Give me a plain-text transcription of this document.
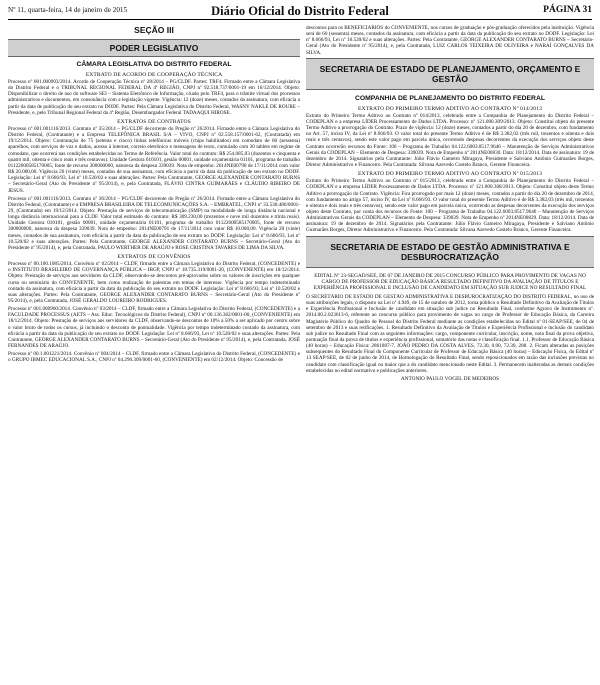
Nº 11, quarta-feira, 14 de janeiro de 2015	Diário Oficial do Distrito Federal	PÁGINA 31

SEÇÃO III

PODER LEGISLATIVO
CÂMARA LEGISLATIVA DO DISTRITO FEDERAL
EXTRATO DE ACORDO DE COOPERAÇÃO TÉCNICA

Processo nº 001.000903/2014. Acordo de Cooperação Técnica nº 28/2014 – PG/CLDF. Partes: TRF4. Firmado entre a Câmara Legislativa do Distrito Federal e o TRIBUNAL REGIONAL FEDERAL DA 4ª REGIÃO, CNPJ nº 92.518.737/0001-19 em 16/12/2014. Objeto: Disponibilizar o direito de uso do software SEI – Sistema Eletrônico de Informação, criado pelo TRF4, para o trâmite virtual dos processos administrativos e documentos, em consonância com a legislação vigente. Vigência: 12 (doze) meses, contados da assinatura, com eficácia a partir da data de publicação do seu extrato no DODF. Partes: Pela Câmara Legislativa do Distrito Federal, WASNY NAKLE DE ROURE – Presidente, e, pelo Tribunal Regional Federal da 4ª Região, Desembargador Federal TADAAQUI HIROSE.

EXTRATOS DE CONTRATOS

Processo nº 001.001116/2013. Contrato nº 35/2014 – PG/CLDF decorrente do Pregão nº 26/2014. Firmado entre a Câmara Legislativa do Distrito Federal, (Contratante) e a Empresa TELEFÔNICA BRASIL S/A – VIVO, CNPJ nº 02.558.157/0001-62, (Contratada) em 19/12/2014. Objeto: Contratação de 75 (setenta e cinco) linhas telefônicas móveis (chips habilitados) em comodato de 60 (sessenta) aparelhos, com serviços de voz e dados, acesso à internet, correio eletrônico e mensagens de texto, cumulado com 30 tablets em regime de comodato, que ocorrerá nas condições estabelecidas no Termo de Referência. Valor total do contrato: R$ 254.085,03 (duzentos e cinquenta e quatro mil, oitenta e cinco reais e três centavos). Unidade Gestora 010101, gestão 00001, unidade orçamentária 01101, programa de trabalho 01122600585170005, fonte de recurso 300000000, natureza da despesa 339039. Nota de empenho: 2014NE00790 de 17/11/2014 com valor R$ 20.000,00. Vigência 20 (vinte) meses, contados de sua assinatura, com eficácia a partir da data da publicação de seu extrato no DODF. Legislação: Lei nº 8.666/93, Lei nº 10.520/02 e suas alterações. Partes: Pela Contratante, GEORGE ALEXANDER CONTARATO BURNS – Secretário-Geral (Ato do Presidente nº 95/2014), e, pela Contratada, FLÁVIO CINTRA GUIMARÃES e CLÁUDIO RIBEIRO DE JESUS.

Processo nº 001.001116/2013. Contrato nº 36/2014 – PG/CLDF decorrente do Pregão nº 26/2014. Firmado entre a Câmara Legislativa do Distrito Federal, (Contratante) e a EMPRESA BRASILEIRA DE TELECOMUNICAÇÕES S.A. – EMBRATEL, CNPJ nº 33.530.486/0001-29, (Contratada) em 19/12/2014. Objeto: Prestação de serviços de telecomunicação (SMP) na modalidade de longa distância nacional e longa distância internacional para a CLDF. Valor total estimado do contrato: R$ 309.230,00 (trezentos e nove mil duzentos e trinta reais). Unidade Gestora 010101, gestão 00001, unidade orçamentária 01101, programa de trabalho 01122600585170005, fonte de recurso 300000000, natureza da despesa 339039. Nota de empenho: 2014NE00791 de 17/11/2014 com valor R$ 10.000,00. Vigência 20 (vinte) meses, contados de sua assinatura, com eficácia a partir da data da publicação de seu extrato no DODF. Legislação: Lei nº 8.666/93, Lei nº 10.520/02 e suas alterações. Partes: Pela Contratante, GEORGE ALEXANDER CONTARATO BURNS – Secretário-Geral (Ato do Presidente nº 95/2014), e, pela Contratada, PAULO WERTHER DE ARAÚJO e ROSE CRISTINA TAVARES DE LIMA DA SILVA.

EXTRATOS DE CONVÊNIOS

Processo nº 00.100.1085/2014. Convênio nº 02/2014 – CLDF, firmado entre a Câmara Legislativa do Distrito Federal, (CONCEDENTE) e o INSTITUTO BRASILEIRO DE GOVERNANÇA PÚBLICA – IBGP, CNPJ nº 18.735.319/0001-20, (CONVENENTE) em 18/12/2014. Objeto: Prestação de serviços aos servidores da CLDF, observando-se descontos pré-aprovados sobre os valores de inscrições em qualquer curso ou seminário do CONVENENTE, bem como realização de palestras em temas de interesse. Vigência por tempo indeterminado contado da assinatura, com eficácia a partir da data da publicação do seu extrato no DODF. Legislação: Lei nº 8.666/93, Lei nº 10.520/02 e suas alterações. Partes: Pela Contratante, GEORGE ALEXANDER CONTARATO BURNS – Secretário-Geral (Ato do Presidente nº 95/2014), e, pela Contratada, JOSÉ GERALDO LOUREIRO RODRIGUES.

Processo nº 001.000960/2014. Convênio nº 03/2014 – CLDF, firmado entre a Câmara Legislativa do Distrito Federal, (CONCEDENTE) e a FACULDADE PROCESSUS (AETS – Ass. Educ. Tecnológicos do Distrito Federal), CNPJ nº 00.136.362/0001-00, (CONVENIENTE) em 18/12/2014. Objeto: Prestação de serviços aos servidores da CLDF, observando-se descontos de 10% a 50% a ser aplicado por centro sobre o valor bruto de todos os cursos, já incluindo o desconto de pontualidade. Vigência por tempo indeterminado contado da assinatura, com eficácia a partir da data da publicação do seu extrato no DODF. Legislação: Lei nº 8.666/93, Lei nº 10.520/02 e suas alterações. Partes: Pela Contratante, GEORGE ALEXANDER CONTARATO BURNS – Secretário-Geral (Ato do Presidente nº 95/2014), e, pela Contratada, JOSÉ FERNANDES DE ARAÚJO.

Processo nº 00.1.001221/2014. Convênio nº 004/2014 – CLDF, firmado entre a Câmara Legislativa do Distrito Federal, (CONCEDENTE) e o GRUPO IBMEC EDUCACIONAL S.A., CNPJ nº 04.290.309/0001-60, (CONVENIENTE) em 02/12/2014. Objeto: Concessão de

descontos para os BENEFICIÁRIOS do CONVENIENTE, nos cursos de graduação e pós-graduação oferecidos pela instituição. Vigência será de 60 (sessenta) meses, contados da assinatura, com eficácia a partir da data da publicação do seu extrato no DODF. Legislação: Lei nº 8.666/93, Lei nº 10.520/02 e suas alterações. Partes: Pela Contratante, GEORGE ALEXANDER CONTARATO BURNS – Secretário-Geral (Ato do Presidente nº 95/2014), e, pela Contratada, LUIZ CARLOS TEIXEIRA DE OLIVEIRA e NARAÍ GONÇALVES DA SILVA.

SECRETARIA DE ESTADO DE PLANEJAMENTO, ORÇAMENTO E GESTÃO
COMPANHIA DE PLANEJAMENTO DO DISTRITO FEDERAL
EXTRATO DO PRIMEIRO TERMO ADITIVO AO CONTRATO Nº 014/2013

Extrato do Primeiro Termo Aditivo ao Contrato nº 014/2013, celebrado entre a Companhia de Planejamento do Distrito Federal – CODEPLAN e a empresa LÍDER Processamento de Dados LTDA. Processo: nº 121.000.309/2013. Objeto: Constitui objeto do presente Termo Aditivo a prorrogação do Contrato. Prazo de vigência: 12 (doze) meses, contados a partir do dia 20 de dezembro, com fundamento no Art. 57, inciso IV, da Lei nº 8.666/93. O valor total do presente Termo Aditivo é de R$ 3.382,03 (três mil, trezentos e oitenta e dois reais e três centavos), sendo este valor pago em parcela única, ocorrendo despesas decorrentes da execução dos serviços objeto deste Contrato ocorrerão recursos do Fonte: 100 – Programa de Trabalho 04.122.6003.8517.9646 – Manutenção de Serviços Administrativos Gerais da CODEPLAN – Elemento de Despesa: 339039. Nota de Empenho nº 2014NE00830. Data: 18/12/2014. Data de assinatura: 19 de dezembro de 2014. Signatários pela Contratante: Júlio Flávio Gameiro Miragaya, Presidente e Salviano Antônio Guimarães Borges, Diretor Administrativo e Financeiro. Pela Contratada: Silvana Azevedo Costelo Branco, Gerente Financeira.

EXTRATO DO PRIMEIRO TERMO ADITIVO AO CONTRATO Nº 015/2013

Extrato do Primeiro Termo Aditivo ao Contrato nº 015/2013, celebrado entre a Companhia de Planejamento do Distrito Federal – CODEPLAN e a empresa LÍDER Processamento de Dados LTDA. Processo: nº 121.000.308/2013. Objeto: Constitui objeto deste Termo Aditivo a prorrogação do Contrato. Vigência: Fica prorrogado por mais 12 (doze) meses, contados a partir do dia 20 de dezembro de 2014, com fundamento no artigo 57, inciso IV, da Lei nº 8.666/93. O valor total do presente Termo Aditivo é de R$ 3.382,03 (três mil, trezentos e oitenta e dois reais e três centavos), sendo este valor pago em parcela única, ocorrendo as despesas decorrentes da execução dos serviços objeto deste Contrato, por conta dos recursos do Fonte: 100 – Programa de Trabalho 04.122.6003.8517.9646 – Manutenção de Serviços Administrativos Gerais da CODEPLAN – Elemento de Despesa: 339039. Nota de Empenho nº 2014NE00829. Data: 18/12/2014. Data de assinatura: 19 de dezembro de 2014. Signatários pela Contratante: Júlio Flávio Gameiro Miragaya, Presidente e Salviano Antônio Guimarães Borges, Diretor Administrativo e Financeiro. Pela Contratada: Silvana Azevedo Costelo Branco, Gerente Financeira.

SECRETARIA DE ESTADO DE GESTÃO ADMINISTRATIVA E DESBUROCRATIZAÇÃO
EDITAL Nº 23-SEGAD/SEE, DE 07 DE JANEIRO DE 2015 CONCURSO PÚBLICO PARA PROVIMENTO DE VAGAS NO CARGO DE PROFESSOR DE EDUCAÇÃO BÁSICA RESULTADO DEFINITIVO DA AVALIAÇÃO DE TÍTULOS E EXPERIÊNCIA PROFISSIONAL E INCLUSÃO DE CANDIDATO EM SITUAÇÃO SUB JUDICE NO RESULTADO FINAL

O SECRETÁRIO DE ESTADO DE GESTÃO ADMINISTRATIVA E DESBUROCRATIZAÇÃO DO DISTRITO FEDERAL, no uso de suas atribuições legais, o disposto na Lei nº 4.949, de 15 de outubro de 2012, torna público o Resultado Definitivo da Avaliação de Títulos e Experiência Profissional e Inclusão de candidato em situação sub judice no Resultado Final, conforme Agravo de Instrumento nº. 2014.00.2.023613-6, referente ao concurso público para provimento de vagas no cargo de Professor de Educação Básica, da Carreira Magistério Público do Quadro de Pessoal do Distrito Federal mediante as condições estabelecidas no Edital nº 01-SEAP/SEE, de 04 de setembro de 2013 e suas retificações. 1. Resultado Definitivo da Avaliação de Títulos e Experiência Profissional e inclusão do candidato sub judice no Resultado Final com as seguintes informações: cargo, componente curricular, inscrição, nome, nota final da prova objetiva, pontuação final da prova de títulos e experiência profissional, somatório das notas e classificação final. 1.1. Professor de Educação Básica (40 horas) – Educação Física: 2861087-7, JOÃO PEDRO DA COSTA ALVES, 72.30, 0.00, 72.30, 288. 2. Ficam alteradas as posições subsequentes do Resultado Final do Componente Curricular de Professor de Educação Básica (40 horas) – Educação Física, do Edital nº 13 SEAP/SEE, de 02 de junho de 2014, de Homologação do Resultado Final, sendo reposicionados em razão das inclusões previstas no candidato com classificação igual ou maior que a do candidato mencionado neste Edital. 3. Permanecem inalteradas as demais condições estabelecidas no edital normativo e publicações anteriores.

ANTONIO PAULO VOGEL DE MEDEIROS
